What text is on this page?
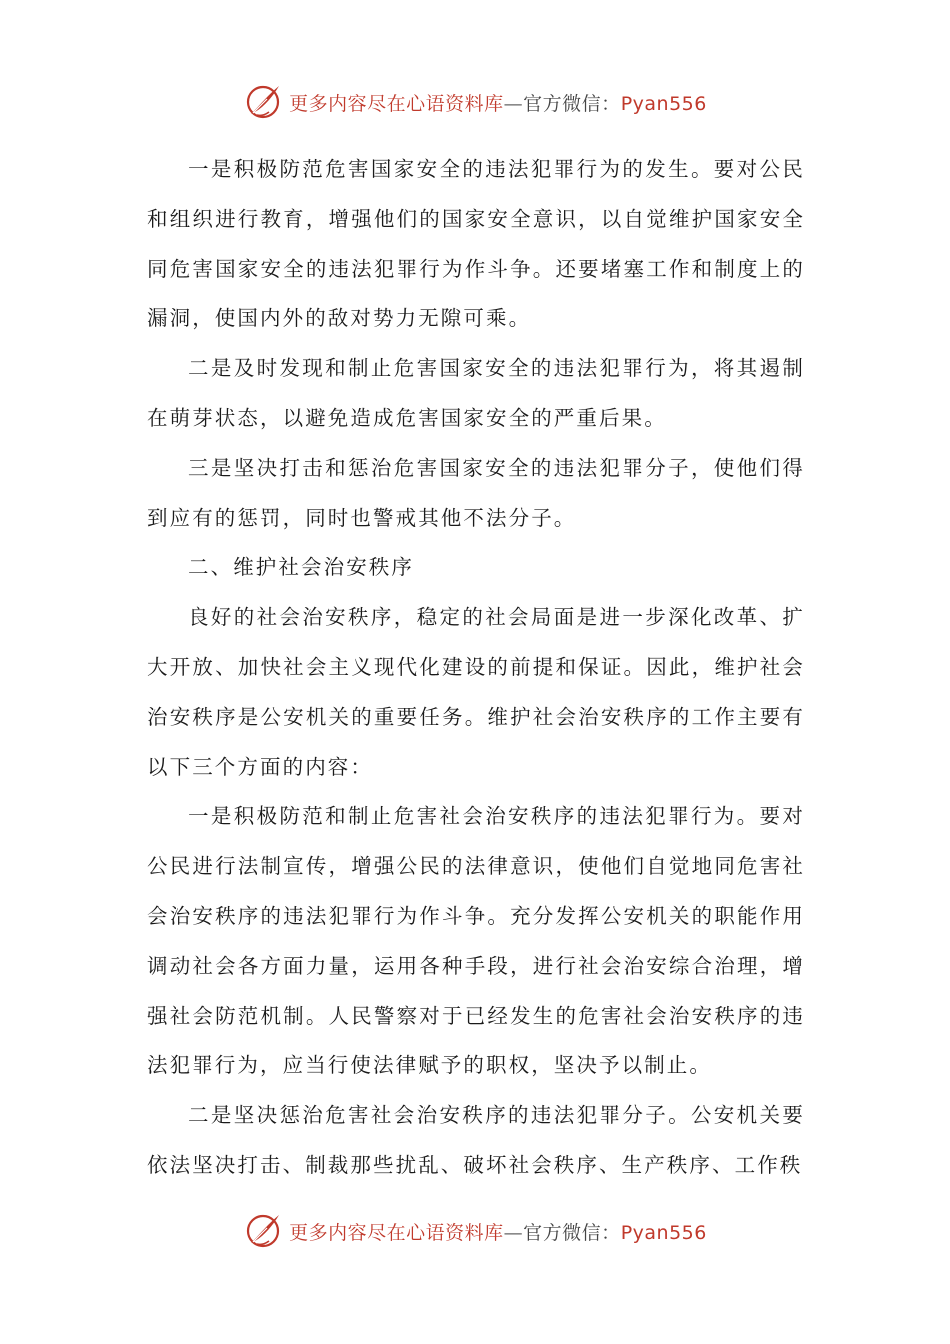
更多内容尽在心语资料库—官方微信：Pyan556

一是积极防范危害国家安全的违法犯罪行为的发生。要对公民和组织进行教育，增强他们的国家安全意识，以自觉维护国家安全同危害国家安全的违法犯罪行为作斗争。还要堵塞工作和制度上的漏洞，使国内外的敌对势力无隙可乘。

二是及时发现和制止危害国家安全的违法犯罪行为，将其遏制在萌芽状态，以避免造成危害国家安全的严重后果。

三是坚决打击和惩治危害国家安全的违法犯罪分子，使他们得到应有的惩罚，同时也警戒其他不法分子。

二、维护社会治安秩序

良好的社会治安秩序，稳定的社会局面是进一步深化改革、扩大开放、加快社会主义现代化建设的前提和保证。因此，维护社会治安秩序是公安机关的重要任务。维护社会治安秩序的工作主要有以下三个方面的内容：

一是积极防范和制止危害社会治安秩序的违法犯罪行为。要对公民进行法制宣传，增强公民的法律意识，使他们自觉地同危害社会治安秩序的违法犯罪行为作斗争。充分发挥公安机关的职能作用调动社会各方面力量，运用各种手段，进行社会治安综合治理，增强社会防范机制。人民警察对于已经发生的危害社会治安秩序的违法犯罪行为，应当行使法律赋予的职权，坚决予以制止。

二是坚决惩治危害社会治安秩序的违法犯罪分子。公安机关要依法坚决打击、制裁那些扰乱、破坏社会秩序、生产秩序、工作秩

更多内容尽在心语资料库—官方微信：Pyan556
